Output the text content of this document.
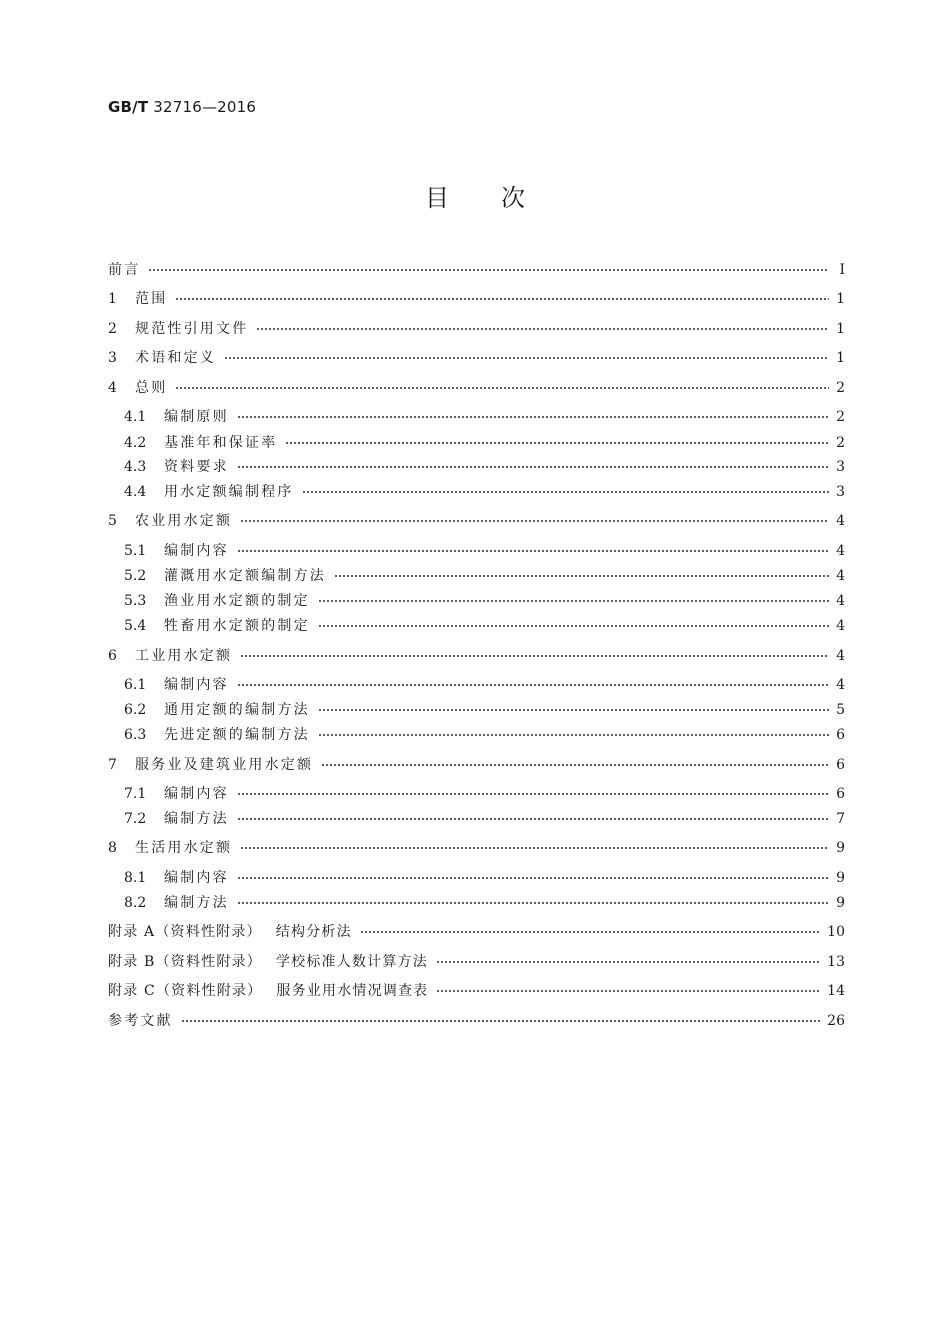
GB/T 32716—2016
目次
前言	Ⅰ
1	范围	1
2	规范性引用文件	1
3	术语和定义	1
4	总则	2
4.1	编制原则	2
4.2	基准年和保证率	2
4.3	资料要求	3
4.4	用水定额编制程序	3
5	农业用水定额	4
5.1	编制内容	4
5.2	灌溉用水定额编制方法	4
5.3	渔业用水定额的制定	4
5.4	牲畜用水定额的制定	4
6	工业用水定额	4
6.1	编制内容	4
6.2	通用定额的编制方法	5
6.3	先进定额的编制方法	6
7	服务业及建筑业用水定额	6
7.1	编制内容	6
7.2	编制方法	7
8	生活用水定额	9
8.1	编制内容	9
8.2	编制方法	9
附录 A（资料性附录） 结构分析法	10
附录 B（资料性附录） 学校标准人数计算方法	13
附录 C（资料性附录） 服务业用水情况调查表	14
参考文献	26
